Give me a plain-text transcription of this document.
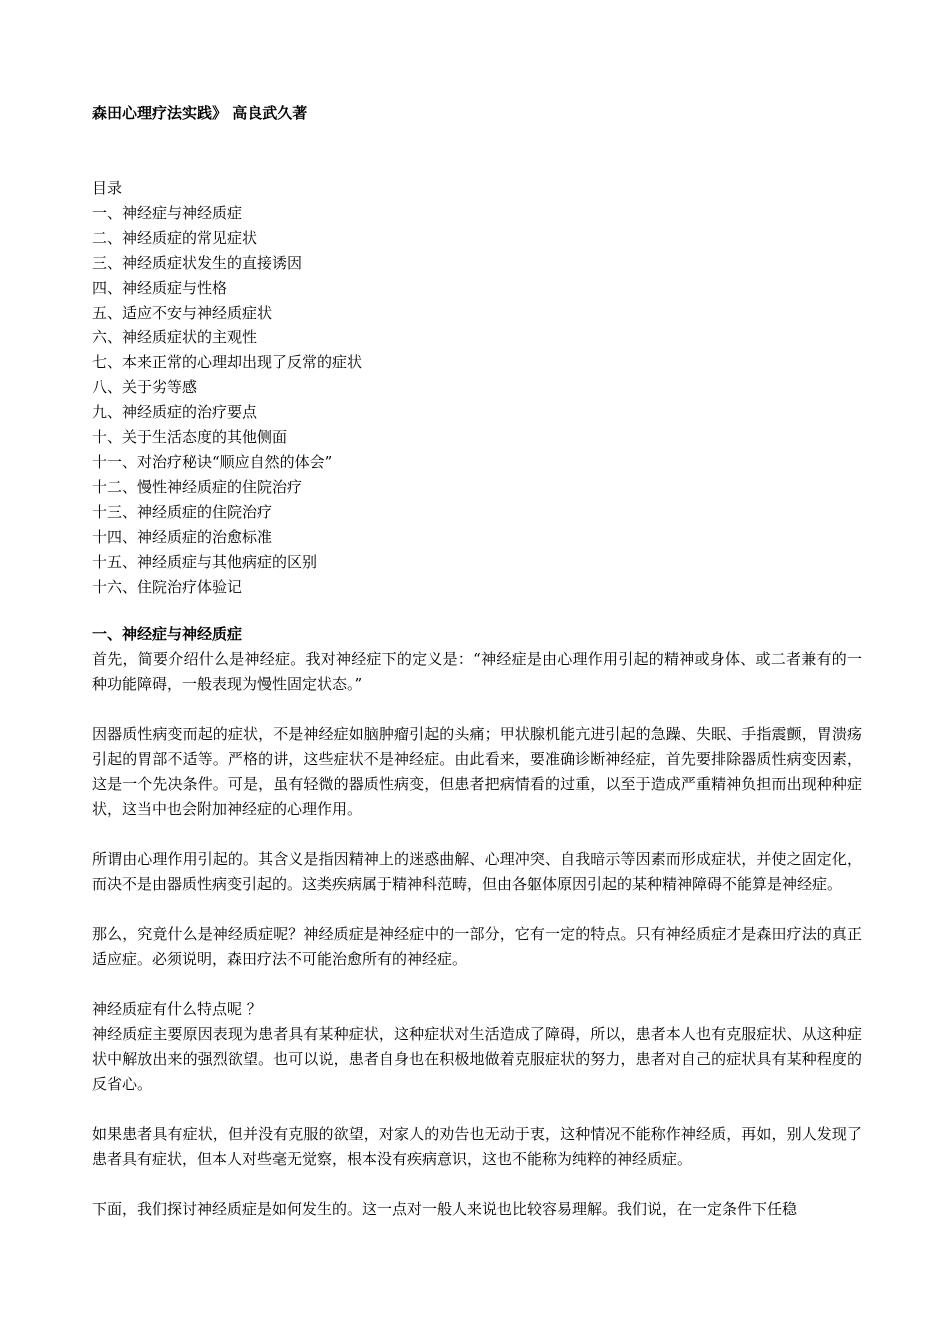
森田心理疗法实践》 高良武久著
目录
一、神经症与神经质症
二、神经质症的常见症状
三、神经质症状发生的直接诱因
四、神经质症与性格
五、适应不安与神经质症状
六、神经质症状的主观性
七、本来正常的心理却出现了反常的症状
八、关于劣等感
九、神经质症的治疗要点
十、关于生活态度的其他侧面
十一、对治疗秘诀“顺应自然的体会”
十二、慢性神经质症的住院治疗
十三、神经质症的住院治疗
十四、神经质症的治愈标准
十五、神经质症与其他病症的区别
十六、住院治疗体验记

一、神经症与神经质症

首先，简要介绍什么是神经症。我对神经症下的定义是：“神经症是由心理作用引起的精神或身体、或二者兼有的一种功能障碍，一般表现为慢性固定状态。”

因器质性病变而起的症状，不是神经症如脑肿瘤引起的头痛；甲状腺机能亢进引起的急躁、失眠、手指震颤，胃溃疡引起的胃部不适等。严格的讲，这些症状不是神经症。由此看来，要准确诊断神经症，首先要排除器质性病变因素，这是一个先决条件。可是，虽有轻微的器质性病变，但患者把病情看的过重，以至于造成严重精神负担而出现种种症状，这当中也会附加神经症的心理作用。

所谓由心理作用引起的。其含义是指因精神上的迷惑曲解、心理冲突、自我暗示等因素而形成症状，并使之固定化，而决不是由器质性病变引起的。这类疾病属于精神科范畴，但由各躯体原因引起的某种精神障碍不能算是神经症。

那么，究竟什么是神经质症呢？神经质症是神经症中的一部分，它有一定的特点。只有神经质症才是森田疗法的真正适应症。必须说明，森田疗法不可能治愈所有的神经症。

神经质症有什么特点呢 ？

神经质症主要原因表现为患者具有某种症状，这种症状对生活造成了障碍，所以，患者本人也有克服症状、从这种症状中解放出来的强烈欲望。也可以说，患者自身也在积极地做着克服症状的努力，患者对自己的症状具有某种程度的反省心。

如果患者具有症状，但并没有克服的欲望，对家人的劝告也无动于衷，这种情况不能称作神经质，再如，别人发现了患者具有症状，但本人对些毫无觉察，根本没有疾病意识，这也不能称为纯粹的神经质症。

下面，我们探讨神经质症是如何发生的。这一点对一般人来说也比较容易理解。我们说，在一定条件下任稳
